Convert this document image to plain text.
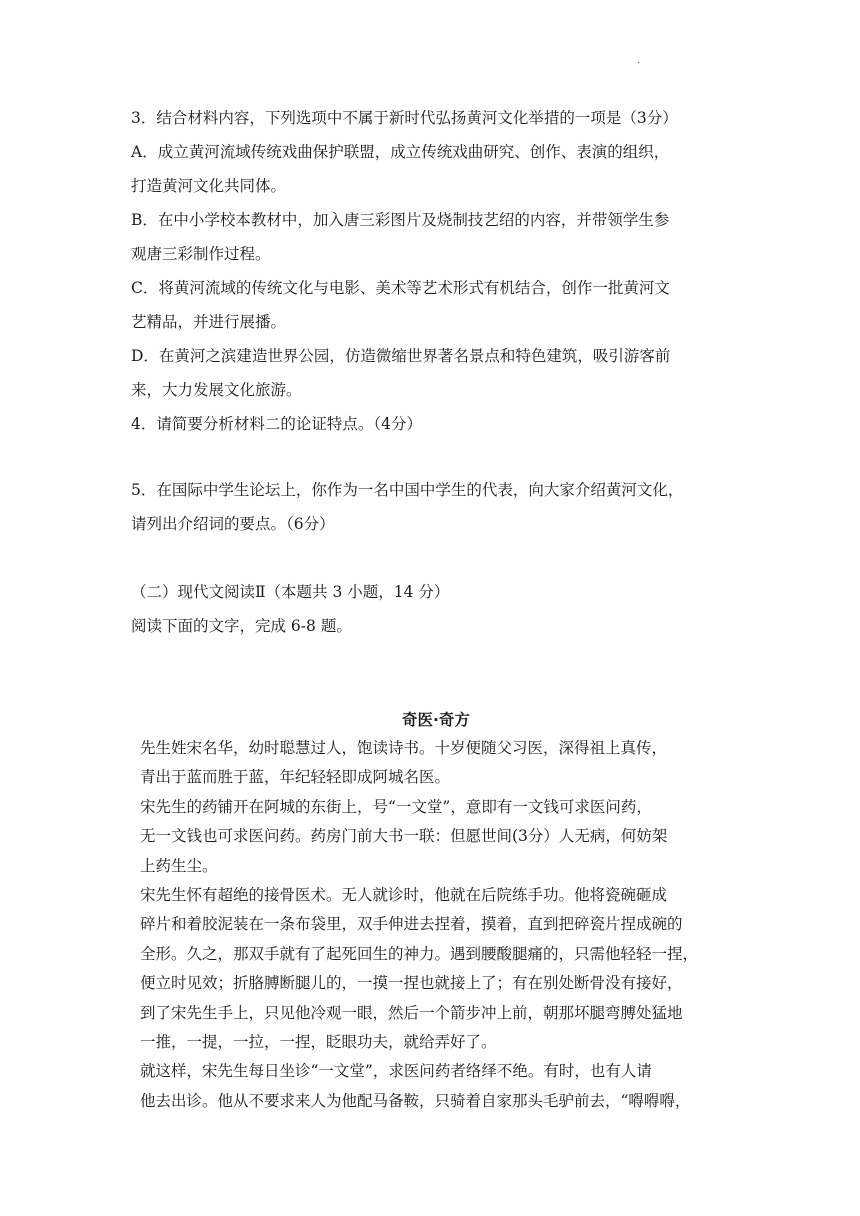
·

3．结合材料内容，下列选项中不属于新时代弘扬黄河文化举措的一项是（3分）

A．成立黄河流域传统戏曲保护联盟，成立传统戏曲研究、创作、表演的组织，

打造黄河文化共同体。

B．在中小学校本教材中，加入唐三彩图片及烧制技艺绍的内容，并带领学生参

观唐三彩制作过程。

C．将黄河流域的传统文化与电影、美术等艺术形式有机结合，创作一批黄河文

艺精品，并进行展播。

D．在黄河之滨建造世界公园，仿造微缩世界著名景点和特色建筑，吸引游客前

来，大力发展文化旅游。

4．请简要分析材料二的论证特点。（4分）

5．在国际中学生论坛上，你作为一名中国中学生的代表，向大家介绍黄河文化，

请列出介绍词的要点。（6分）

（二）现代文阅读Ⅱ（本题共 3 小题，14 分）

阅读下面的文字，完成 6-8 题。

奇医·奇方

先生姓宋名华，幼时聪慧过人，饱读诗书。十岁便随父习医，深得祖上真传，

青出于蓝而胜于蓝，年纪轻轻即成阿城名医。

宋先生的药铺开在阿城的东街上，号“一文堂”，意即有一文钱可求医问药，

无一文钱也可求医问药。药房门前大书一联：但愿世间(3分）人无病，何妨架

上药生尘。

宋先生怀有超绝的接骨医术。无人就诊时，他就在后院练手功。他将瓷碗砸成

碎片和着胶泥装在一条布袋里，双手伸进去捏着，摸着，直到把碎瓷片捏成碗的

全形。久之，那双手就有了起死回生的神力。遇到腰酸腿痛的，只需他轻轻一捏，

便立时见效；折胳膊断腿儿的，一摸一捏也就接上了；有在别处断骨没有接好，

到了宋先生手上，只见他冷观一眼，然后一个箭步冲上前，朝那坏腿弯膊处猛地

一推，一提，一拉，一捏，眨眼功夫，就给弄好了。

就这样，宋先生每日坐诊“一文堂”，求医问药者络绎不绝。有时，也有人请

他去出诊。他从不要求来人为他配马备鞍，只骑着自家那头毛驴前去，“嘚嘚嘚，
